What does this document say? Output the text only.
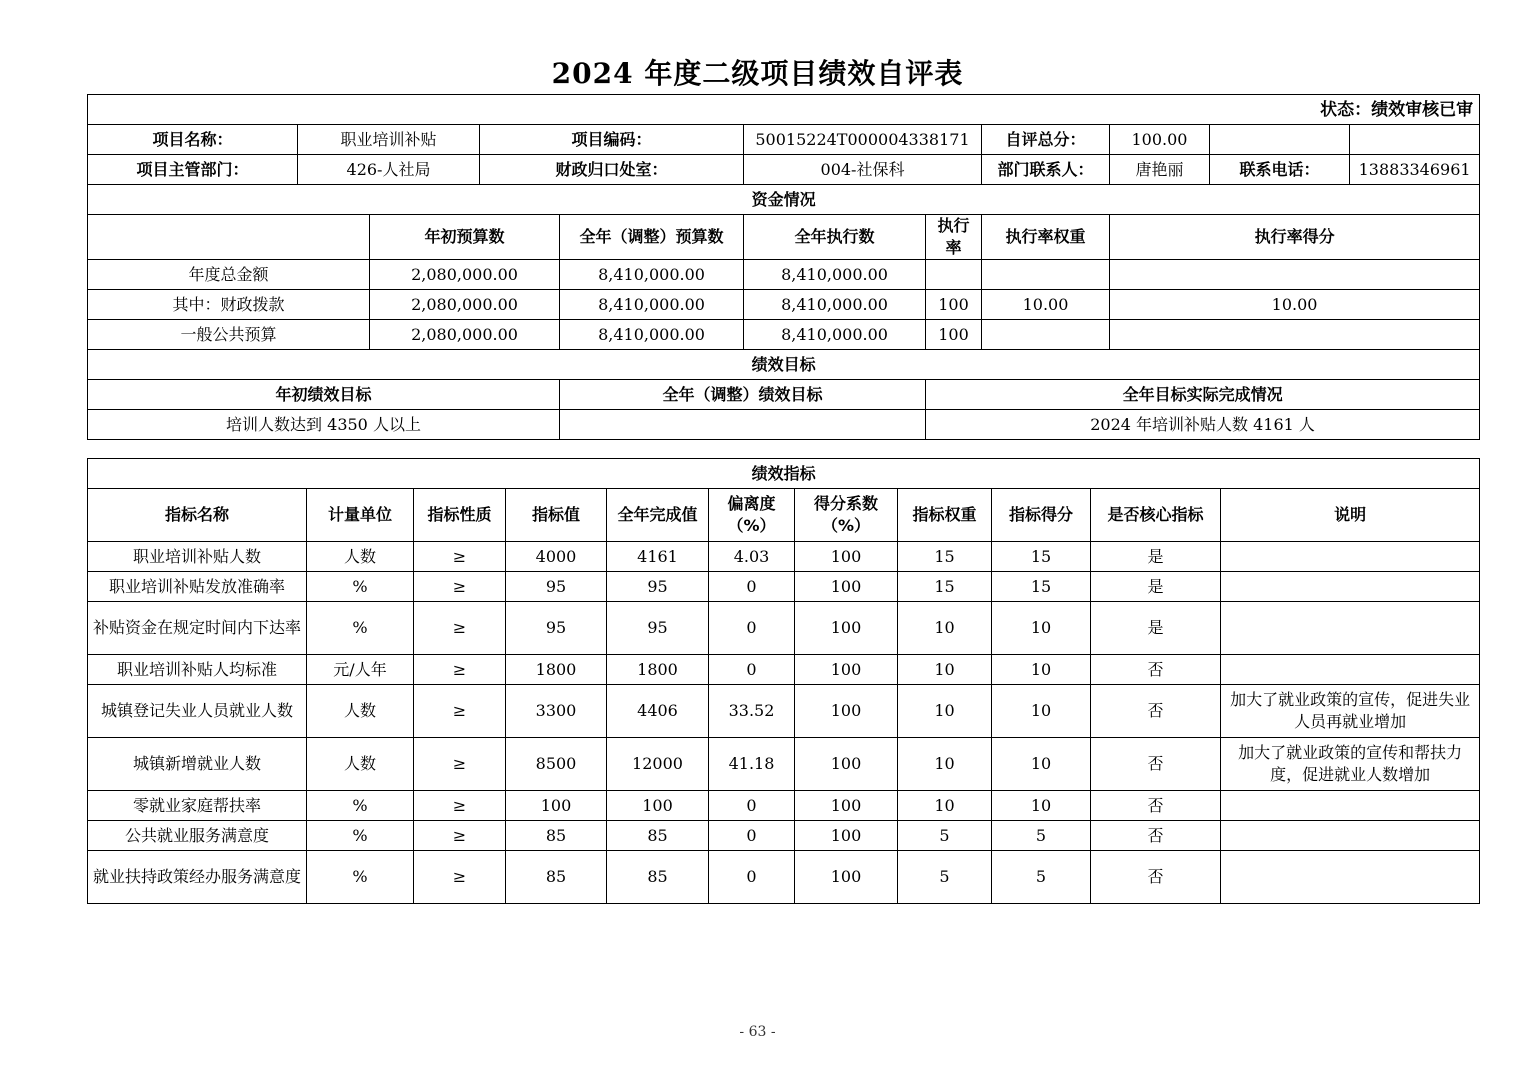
2024 年度二级项目绩效自评表
状态：绩效审核已审										
项目名称：	职业培训补贴		项目编码：		50015224T000004338171		自评总分：	100.00		
项目主管部门：	426-人社局		财政归口处室：		004-社保科		部门联系人：	唐艳丽	联系电话：	13883346961
资金情况										
		年初预算数		全年（调整）预算数	全年执行数	执行率	执行率权重	执行率得分		
年度总金额		2,080,000.00		8,410,000.00	8,410,000.00					
其中：财政拨款		2,080,000.00		8,410,000.00	8,410,000.00	100	10.00	10.00		
一般公共预算		2,080,000.00		8,410,000.00	8,410,000.00	100				
绩效目标										
年初绩效目标				全年（调整）绩效目标		全年目标实际完成情况				
培训人数达到 4350 人以上						2024 年培训补贴人数 4161 人				
绩效指标										
指标名称	计量单位	指标性质	指标值	全年完成值	偏离度（%）	得分系数（%）	指标权重	指标得分	是否核心指标	说明
职业培训补贴人数	人数	≥	4000	4161	4.03	100	15	15	是	
职业培训补贴发放准确率	%	≥	95	95	0	100	15	15	是	
补贴资金在规定时间内下达率	%	≥	95	95	0	100	10	10	是	
职业培训补贴人均标准	元/人年	≥	1800	1800	0	100	10	10	否	
城镇登记失业人员就业人数	人数	≥	3300	4406	33.52	100	10	10	否	加大了就业政策的宣传，促进失业人员再就业增加
城镇新增就业人数	人数	≥	8500	12000	41.18	100	10	10	否	加大了就业政策的宣传和帮扶力度，促进就业人数增加
零就业家庭帮扶率	%	≥	100	100	0	100	10	10	否	
公共就业服务满意度	%	≥	85	85	0	100	5	5	否	
就业扶持政策经办服务满意度	%	≥	85	85	0	100	5	5	否	
- 63 -
